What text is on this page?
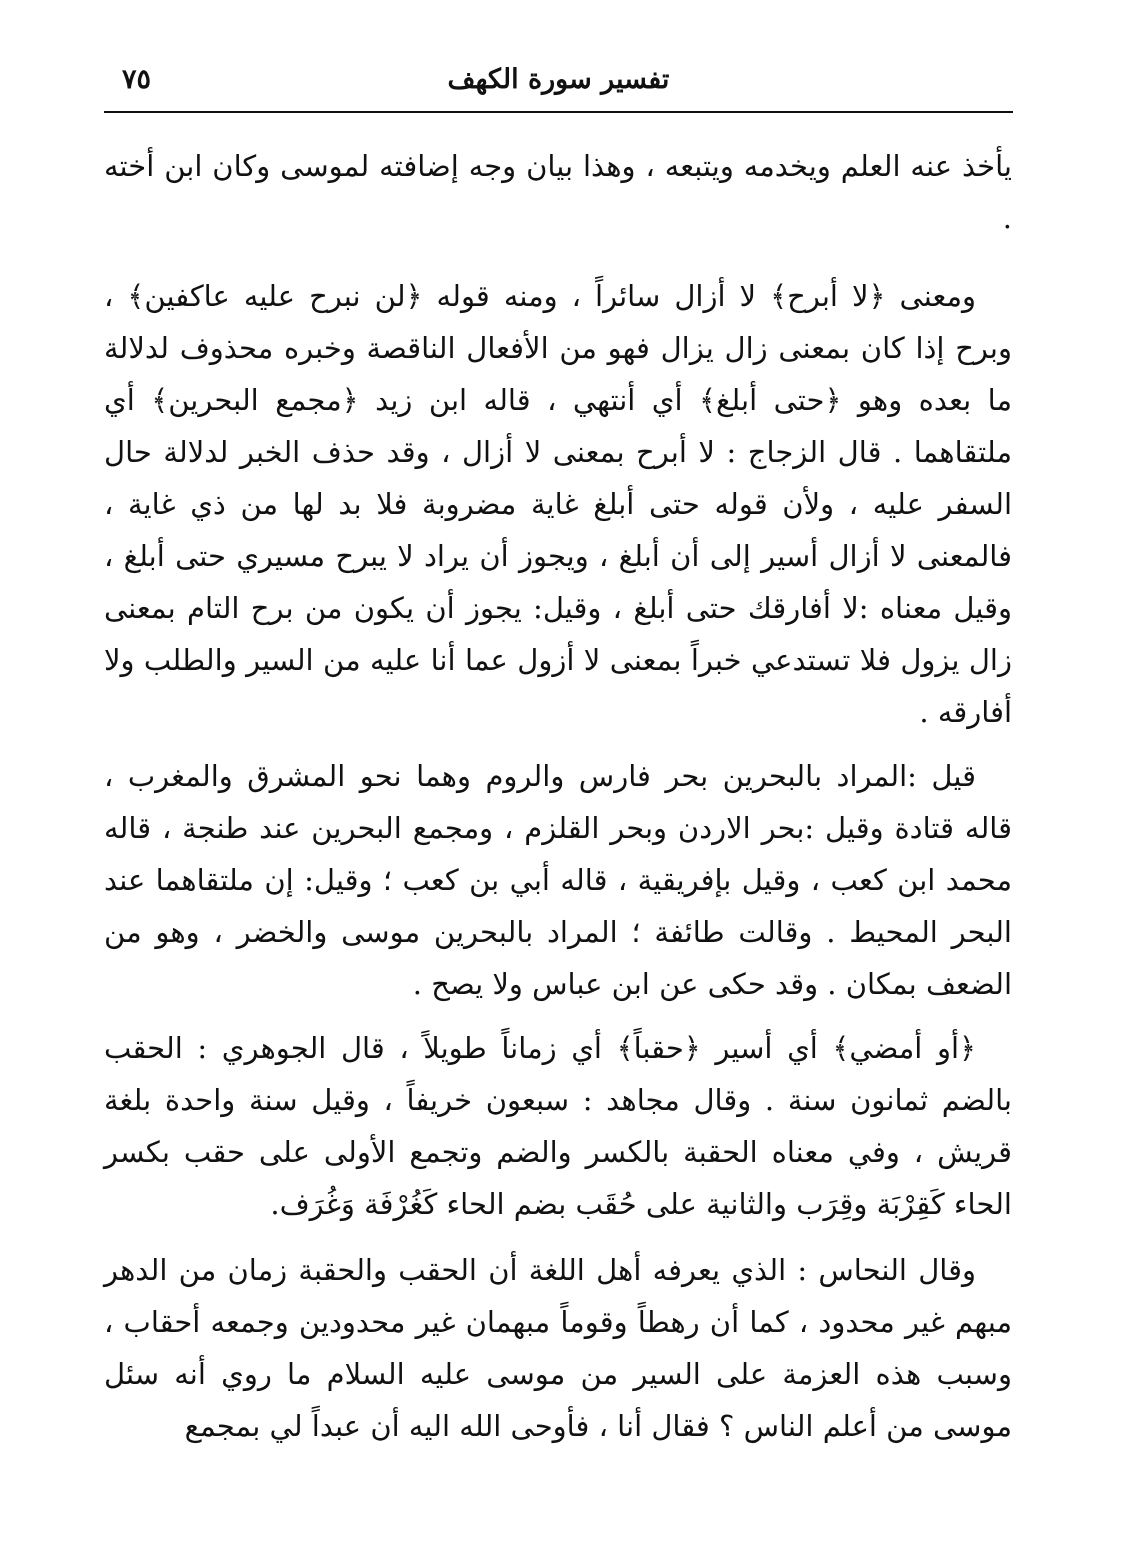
تفسير سورة الكهف
٧٥

يأخذ عنه العلم ويخدمه ويتبعه ، وهذا بيان وجه إضافته لموسى وكان ابن أخته .

ومعنى ﴿لا أبرح﴾ لا أزال سائراً ، ومنه قوله ﴿لن نبرح عليه عاكفين﴾ ، وبرح إذا كان بمعنى زال يزال فهو من الأفعال الناقصة وخبره محذوف لدلالة ما بعده وهو ﴿حتى أبلغ﴾ أي أنتهي ، قاله ابن زيد ﴿مجمع البحرين﴾ أي ملتقاهما . قال الزجاج : لا أبرح بمعنى لا أزال ، وقد حذف الخبر لدلالة حال السفر عليه ، ولأن قوله حتى أبلغ غاية مضروبة فلا بد لها من ذي غاية ، فالمعنى لا أزال أسير إلى أن أبلغ ، ويجوز أن يراد لا يبرح مسيري حتى أبلغ ، وقيل معناه :لا أفارقك حتى أبلغ ، وقيل: يجوز أن يكون من برح التام بمعنى زال يزول فلا تستدعي خبراً بمعنى لا أزول عما أنا عليه من السير والطلب ولا أفارقه .

قيل :المراد بالبحرين بحر فارس والروم وهما نحو المشرق والمغرب ، قاله قتادة وقيل :بحر الاردن وبحر القلزم ، ومجمع البحرين عند طنجة ، قاله محمد ابن كعب ، وقيل بإفريقية ، قاله أبي بن كعب ؛ وقيل: إن ملتقاهما عند البحر المحيط . وقالت طائفة ؛ المراد بالبحرين موسى والخضر ، وهو من الضعف بمكان . وقد حكى عن ابن عباس ولا يصح .

﴿أو أمضي﴾ أي أسير ﴿حقباً﴾ أي زماناً طويلاً ، قال الجوهري : الحقب بالضم ثمانون سنة . وقال مجاهد : سبعون خريفاً ، وقيل سنة واحدة بلغة قريش ، وفي معناه الحقبة بالكسر والضم وتجمع الأولى على حقب بكسر الحاء كَقِرْبَة وقِرَب والثانية على حُقَب بضم الحاء كَغُرْفَة وَغُرَف.

وقال النحاس : الذي يعرفه أهل اللغة أن الحقب والحقبة زمان من الدهر مبهم غير محدود ، كما أن رهطاً وقوماً مبهمان غير محدودين وجمعه أحقاب ، وسبب هذه العزمة على السير من موسى عليه السلام ما روي أنه سئل موسى من أعلم الناس ؟ فقال أنا ، فأوحى الله اليه أن عبداً لي بمجمع
